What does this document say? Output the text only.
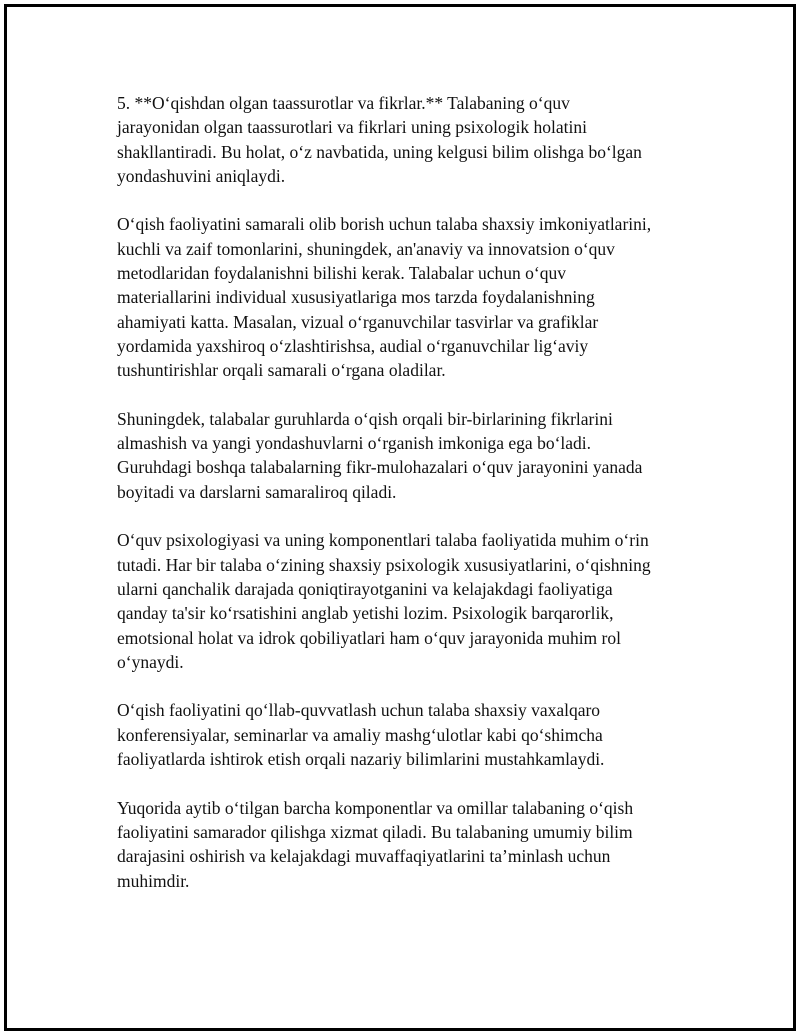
5. **O‘qishdan olgan taassurotlar va fikrlar.** Talabaning o‘quv
jarayonidan olgan taassurotlari va fikrlari uning psixologik holatini
shakllantiradi. Bu holat, o‘z navbatida, uning kelgusi bilim olishga bo‘lgan
yondashuvini aniqlaydi.

O‘qish faoliyatini samarali olib borish uchun talaba shaxsiy imkoniyatlarini,
kuchli va zaif tomonlarini, shuningdek, an'anaviy va innovatsion o‘quv
metodlaridan foydalanishni bilishi kerak. Talabalar uchun o‘quv
materiallarini individual xususiyatlariga mos tarzda foydalanishning
ahamiyati katta. Masalan, vizual o‘rganuvchilar tasvirlar va grafiklar
yordamida yaxshiroq o‘zlashtirishsa, audial o‘rganuvchilar lig‘aviy
tushuntirishlar orqali samarali o‘rgana oladilar.

Shuningdek, talabalar guruhlarda o‘qish orqali bir-birlarining fikrlarini
almashish va yangi yondashuvlarni o‘rganish imkoniga ega bo‘ladi.
Guruhdagi boshqa talabalarning fikr-mulohazalari o‘quv jarayonini yanada
boyitadi va darslarni samaraliroq qiladi.

O‘quv psixologiyasi va uning komponentlari talaba faoliyatida muhim o‘rin
tutadi. Har bir talaba o‘zining shaxsiy psixologik xususiyatlarini, o‘qishning
ularni qanchalik darajada qoniqtirayotganini va kelajakdagi faoliyatiga
qanday ta'sir ko‘rsatishini anglab yetishi lozim. Psixologik barqarorlik,
emotsional holat va idrok qobiliyatlari ham o‘quv jarayonida muhim rol
o‘ynaydi.

O‘qish faoliyatini qo‘llab-quvvatlash uchun talaba shaxsiy vaxalqaro
konferensiyalar, seminarlar va amaliy mashg‘ulotlar kabi qo‘shimcha
faoliyatlarda ishtirok etish orqali nazariy bilimlarini mustahkamlaydi.

Yuqorida aytib o‘tilgan barcha komponentlar va omillar talabaning o‘qish
faoliyatini samarador qilishga xizmat qiladi. Bu talabaning umumiy bilim
darajasini oshirish va kelajakdagi muvaffaqiyatlarini ta’minlash uchun
muhimdir.
